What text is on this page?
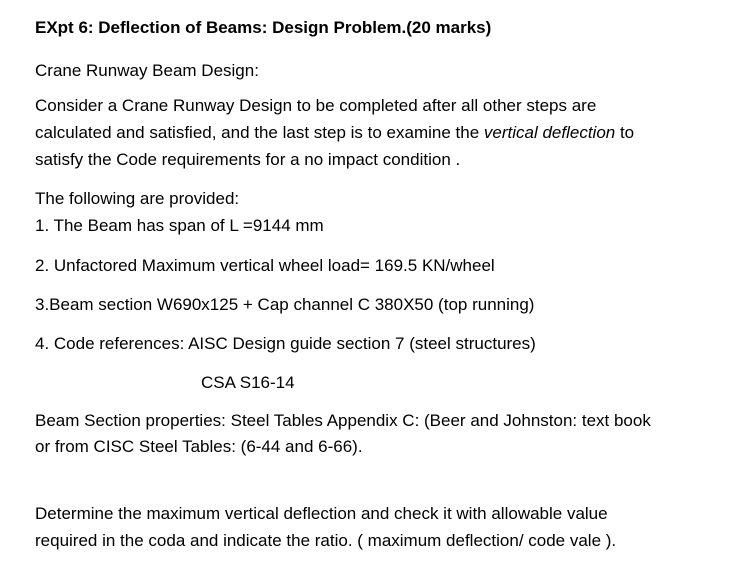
EXpt 6: Deflection of Beams: Design Problem.(20 marks)
Crane Runway Beam Design:
Consider a Crane Runway Design to be completed after all other steps are
calculated and satisfied, and the last step is to examine the vertical deflection to
satisfy the Code requirements for a no impact condition .
The following are provided:
1. The Beam has span of L =9144 mm
2. Unfactored Maximum vertical wheel load= 169.5 KN/wheel
3.Beam section W690x125 + Cap channel C 380X50 (top running)
4. Code references: AISC Design guide section 7 (steel structures)
CSA S16-14
Beam Section properties: Steel Tables Appendix C: (Beer and Johnston: text book
or from CISC Steel Tables: (6-44 and 6-66).
Determine the maximum vertical deflection and check it with allowable value
required in the coda and indicate the ratio. ( maximum deflection/ code vale ).
